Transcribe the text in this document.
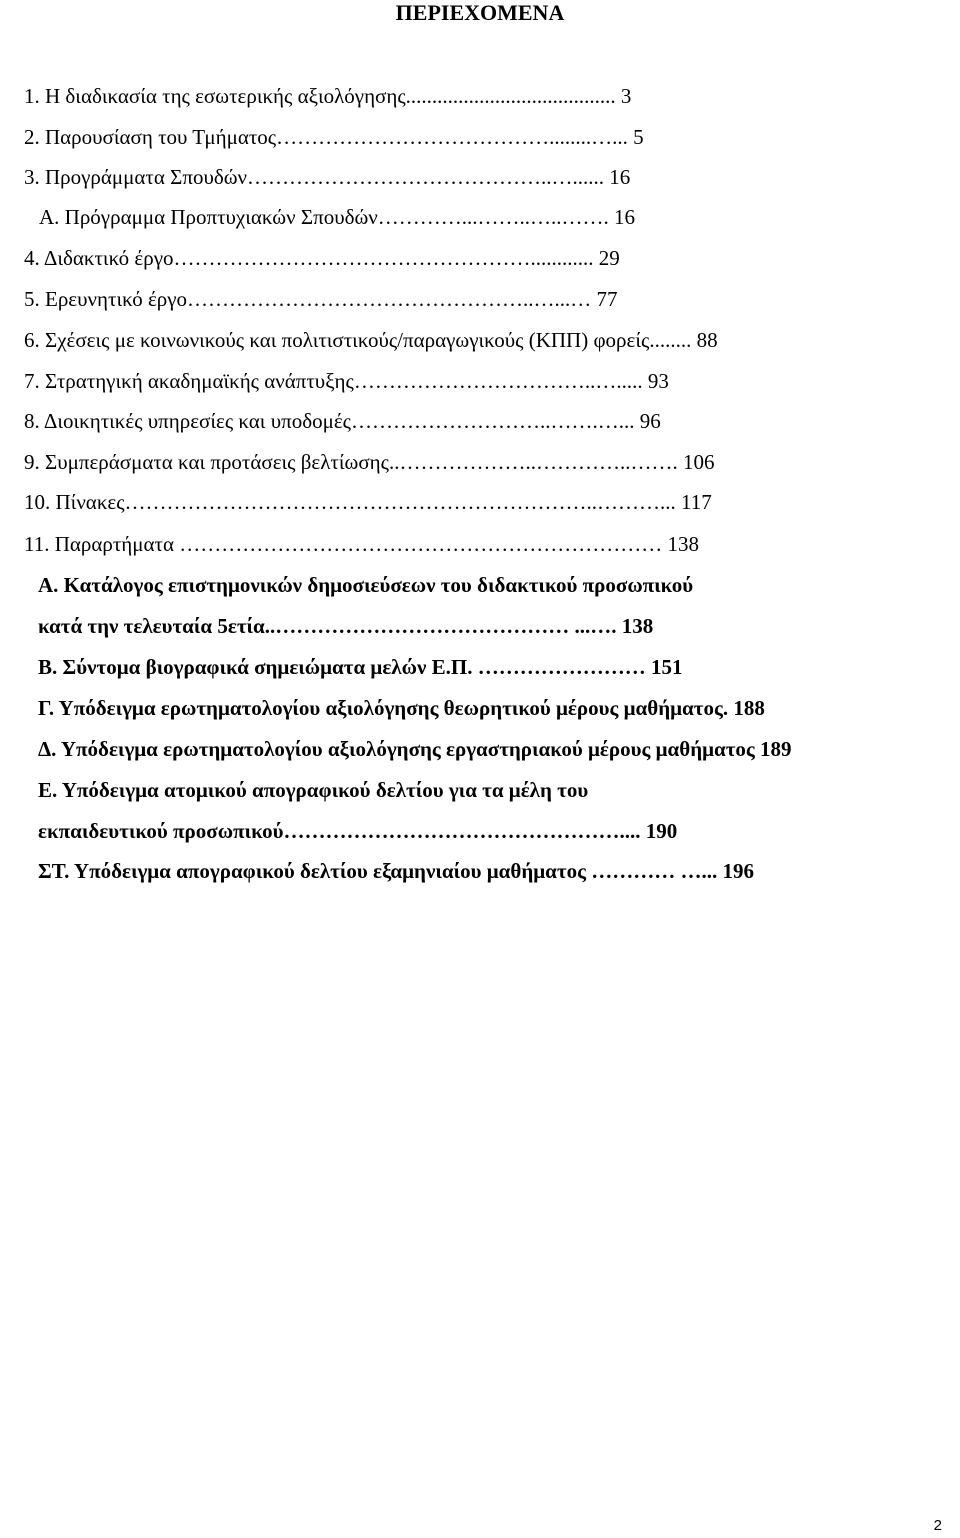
ΠΕΡΙΕΧΟΜΕΝΑ
1. Η διαδικασία της εσωτερικής αξιολόγησης........................................ 3
2. Παρουσίαση του Τμήματος…………………………………........…... 5
3. Προγράμματα Σπουδών……………………………………..…...... 16
Α. Πρόγραμμα Προπτυχιακών Σπουδών…………...……..…..……. 16
4. Διδακτικό έργο……………………………………………............ 29
5. Ερευνητικό έργο…………………………………………..…...… 77
6. Σχέσεις με κοινωνικούς και πολιτιστικούς/παραγωγικούς (ΚΠΠ) φορείς........ 88
7. Στρατηγική ακαδημαϊκής ανάπτυξης……………………………..…..... 93
8. Διοικητικές υπηρεσίες και υποδομές………………………..…….…... 96
9. Συμπεράσματα και προτάσεις βελτίωσης..………………..…………..……. 106
10. Πίνακες…………………………………………………………..………... 117
11. Παραρτήματα …………………………………………………………… 138
Α. Κατάλογος επιστημονικών δημοσιεύσεων του διδακτικού προσωπικού
κατά την τελευταία 5ετία..…………………………………… ...…. 138
Β. Σύντομα βιογραφικά σημειώματα μελών Ε.Π. …………………… 151
Γ. Υπόδειγμα ερωτηματολογίου αξιολόγησης θεωρητικού μέρους μαθήματος. 188
Δ. Υπόδειγμα ερωτηματολογίου αξιολόγησης εργαστηριακού μέρους μαθήματος 189
Ε. Υπόδειγμα ατομικού απογραφικού δελτίου για τα μέλη του
εκπαιδευτικού προσωπικού………………………………………….... 190
ΣΤ. Υπόδειγμα απογραφικού δελτίου εξαμηνιαίου μαθήματος ………… …... 196
2
